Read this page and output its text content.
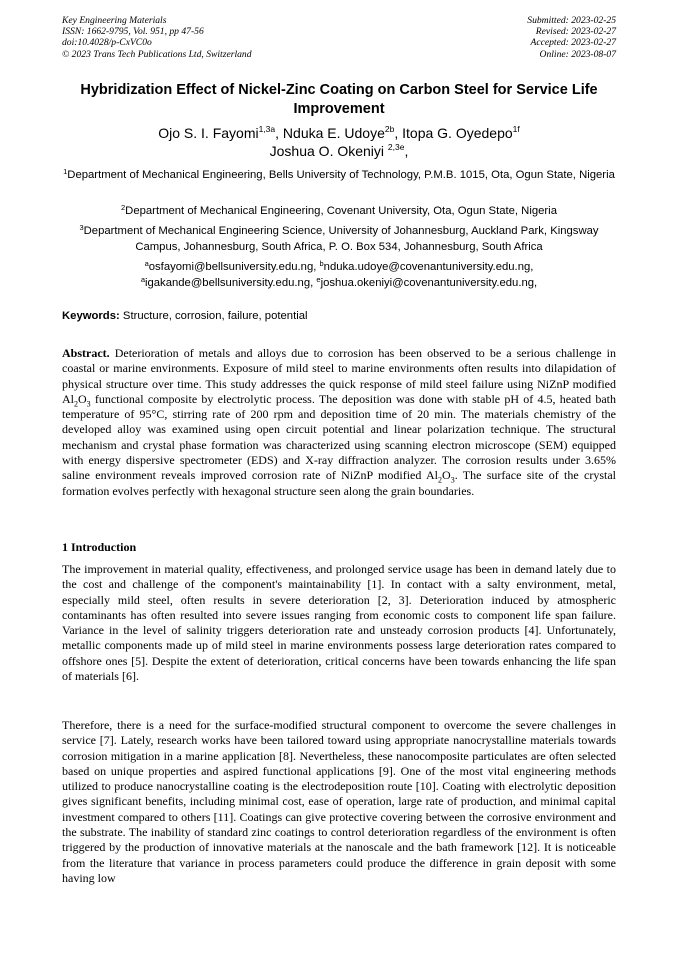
Key Engineering Materials
ISSN: 1662-9795, Vol. 951, pp 47-56
doi:10.4028/p-CxVC0o
© 2023 Trans Tech Publications Ltd, Switzerland
Submitted: 2023-02-25
Revised: 2023-02-27
Accepted: 2023-02-27
Online: 2023-08-07
Hybridization Effect of Nickel-Zinc Coating on Carbon Steel for Service Life Improvement
Ojo S. I. Fayomi$^{1,3a}$, Nduka E. Udoye$^{2b}$, Itopa G. Oyedepo$^{1f}$
Joshua O. Okeniyi $^{2,3e}$,
$^1$Department of Mechanical Engineering, Bells University of Technology, P.M.B. 1015, Ota, Ogun State, Nigeria
$^2$Department of Mechanical Engineering, Covenant University, Ota, Ogun State, Nigeria
$^3$Department of Mechanical Engineering Science, University of Johannesburg, Auckland Park, Kingsway Campus, Johannesburg, South Africa, P. O. Box 534, Johannesburg, South Africa
$^a$osfayomi@bellsuniversity.edu.ng, $^b$nduka.udoye@covenantuniversity.edu.ng,
$^a$igakande@bellsuniversity.edu.ng, $^e$joshua.okeniyi@covenantuniversity.edu.ng,
Keywords: Structure, corrosion, failure, potential
Abstract. Deterioration of metals and alloys due to corrosion has been observed to be a serious challenge in coastal or marine environments. Exposure of mild steel to marine environments often results into dilapidation of physical structure over time. This study addresses the quick response of mild steel failure using NiZnP modified $Al_2O_3$ functional composite by electrolytic process. The deposition was done with stable pH of 4.5, heated bath temperature of 95°C, stirring rate of 200 rpm and deposition time of 20 min. The materials chemistry of the developed alloy was examined using open circuit potential and linear polarization technique. The structural mechanism and crystal phase formation was characterized using scanning electron microscope (SEM) equipped with energy dispersive spectrometer (EDS) and X-ray diffraction analyzer. The corrosion results under 3.65% saline environment reveals improved corrosion rate of NiZnP modified $Al_2O_3$. The surface site of the crystal formation evolves perfectly with hexagonal structure seen along the grain boundaries.
1 Introduction
The improvement in material quality, effectiveness, and prolonged service usage has been in demand lately due to the cost and challenge of the component's maintainability [1]. In contact with a salty environment, metal, especially mild steel, often results in severe deterioration [2, 3]. Deterioration induced by atmospheric contaminants has often resulted into severe issues ranging from economic costs to component life span failure. Variance in the level of salinity triggers deterioration rate and unsteady corrosion products [4]. Unfortunately, metallic components made up of mild steel in marine environments possess large deterioration rates compared to offshore ones [5]. Despite the extent of deterioration, critical concerns have been towards enhancing the life span of materials [6].
Therefore, there is a need for the surface-modified structural component to overcome the severe challenges in service [7]. Lately, research works have been tailored toward using appropriate nanocrystalline materials towards corrosion mitigation in a marine application [8]. Nevertheless, these nanocomposite particulates are often selected based on unique properties and aspired functional applications [9]. One of the most vital engineering methods utilized to produce nanocrystalline coating is the electrodeposition route [10]. Coating with electrolytic deposition gives significant benefits, including minimal cost, ease of operation, large rate of production, and minimal capital investment compared to others [11]. Coatings can give protective covering between the corrosive environment and the substrate. The inability of standard zinc coatings to control deterioration regardless of the environment is often triggered by the production of innovative materials at the nanoscale and the bath framework [12]. It is noticeable from the literature that variance in process parameters could produce the difference in grain deposit with some having low
